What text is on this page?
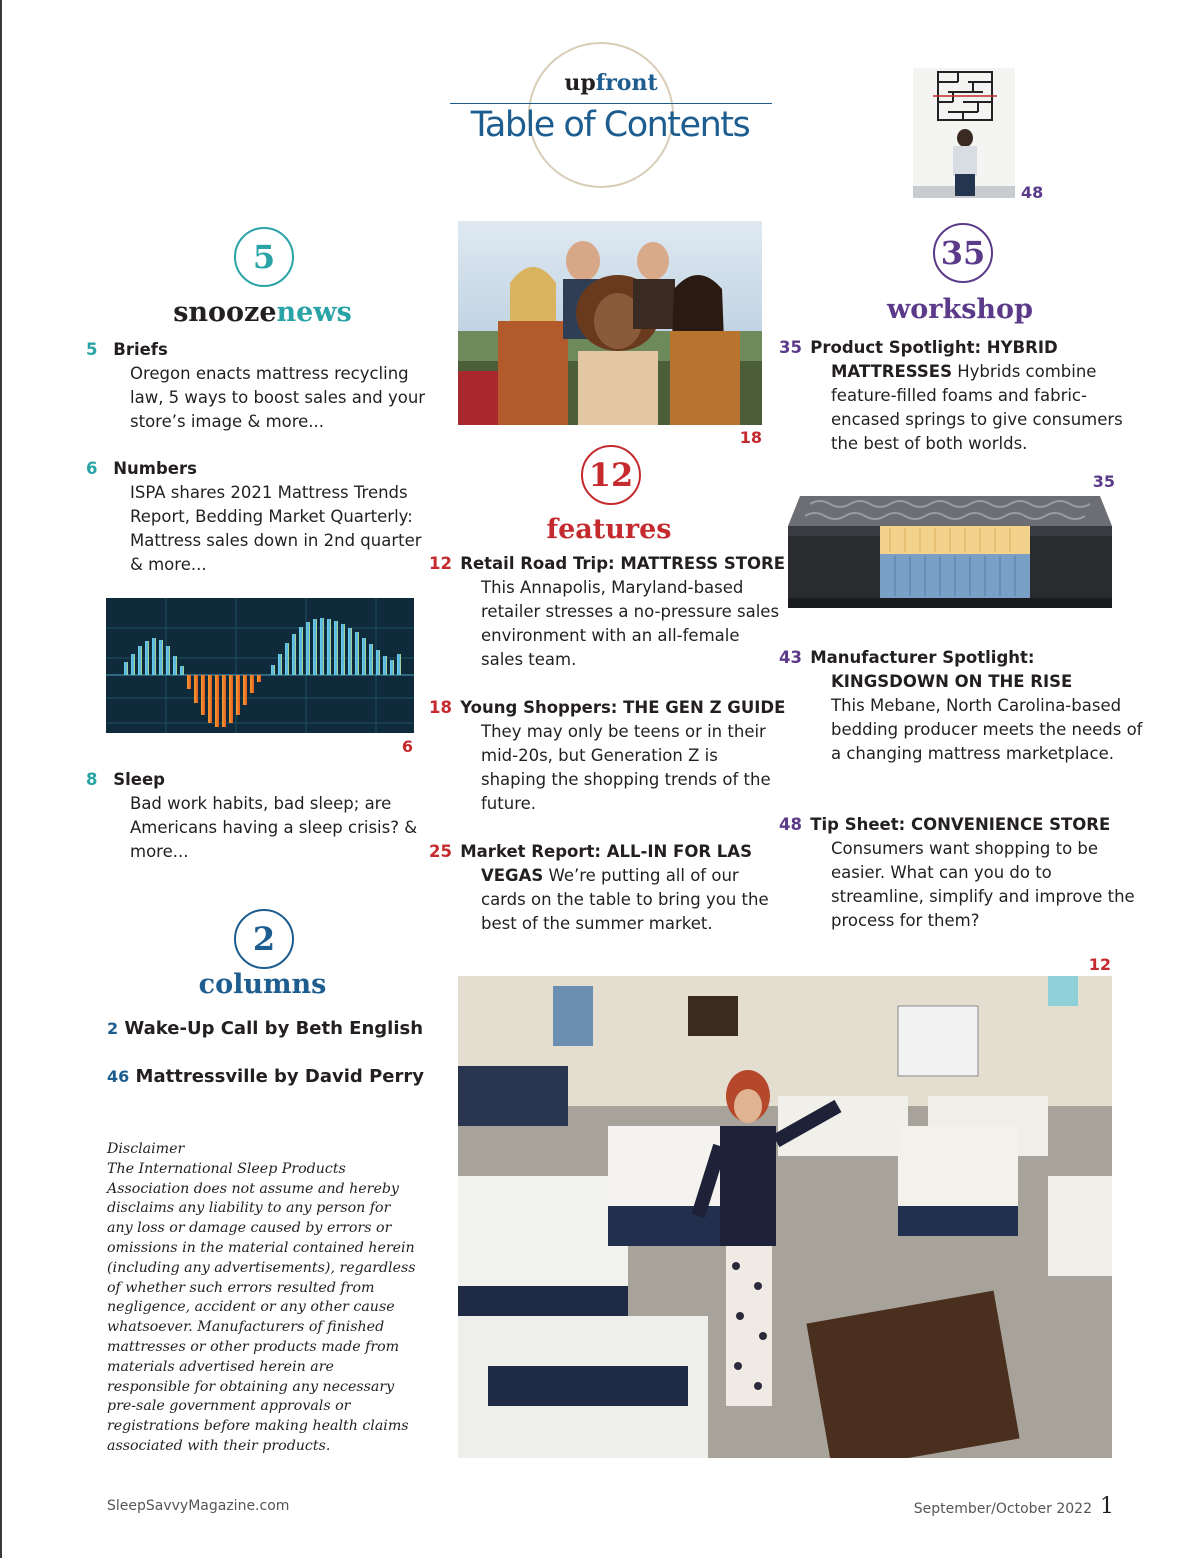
upfront
Table of Contents
5
snoozenews
5 Briefs
Oregon enacts mattress recycling law, 5 ways to boost sales and your store’s image & more...
6 Numbers
ISPA shares 2021 Mattress Trends Report, Bedding Market Quarterly: Mattress sales down in 2nd quarter & more...
6
8 Sleep
Bad work habits, bad sleep; are Americans having a sleep crisis? & more...
2
columns
2 Wake-Up Call by Beth English
46 Mattressville by David Perry
Disclaimer
The International Sleep Products Association does not assume and hereby disclaims any liability to any person for any loss or damage caused by errors or omissions in the material contained herein (including any advertisements), regardless of whether such errors resulted from negligence, accident or any other cause whatsoever. Manufacturers of finished mattresses or other products made from materials advertised herein are responsible for obtaining any necessary pre-sale government approvals or registrations before making health claims associated with their products.
18
12
features
12 Retail Road Trip: MATTRESS STORE This Annapolis, Maryland-based retailer stresses a no-pressure sales environment with an all-female sales team.
18 Young Shoppers: THE GEN Z GUIDE They may only be teens or in their mid-20s, but Generation Z is shaping the shopping trends of the future.
25 Market Report: ALL-IN FOR LAS VEGAS We’re putting all of our cards on the table to bring you the best of the summer market.
48
35
workshop
35 Product Spotlight: HYBRID MATTRESSES Hybrids combine feature-filled foams and fabric-encased springs to give consumers the best of both worlds.
35
43 Manufacturer Spotlight: KINGSDOWN ON THE RISE
This Mebane, North Carolina-based bedding producer meets the needs of a changing mattress marketplace.
48 Tip Sheet: CONVENIENCE STORE Consumers want shopping to be easier. What can you do to streamline, simplify and improve the process for them?
12
SleepSavvyMagazine.com	September/October 2022 1
